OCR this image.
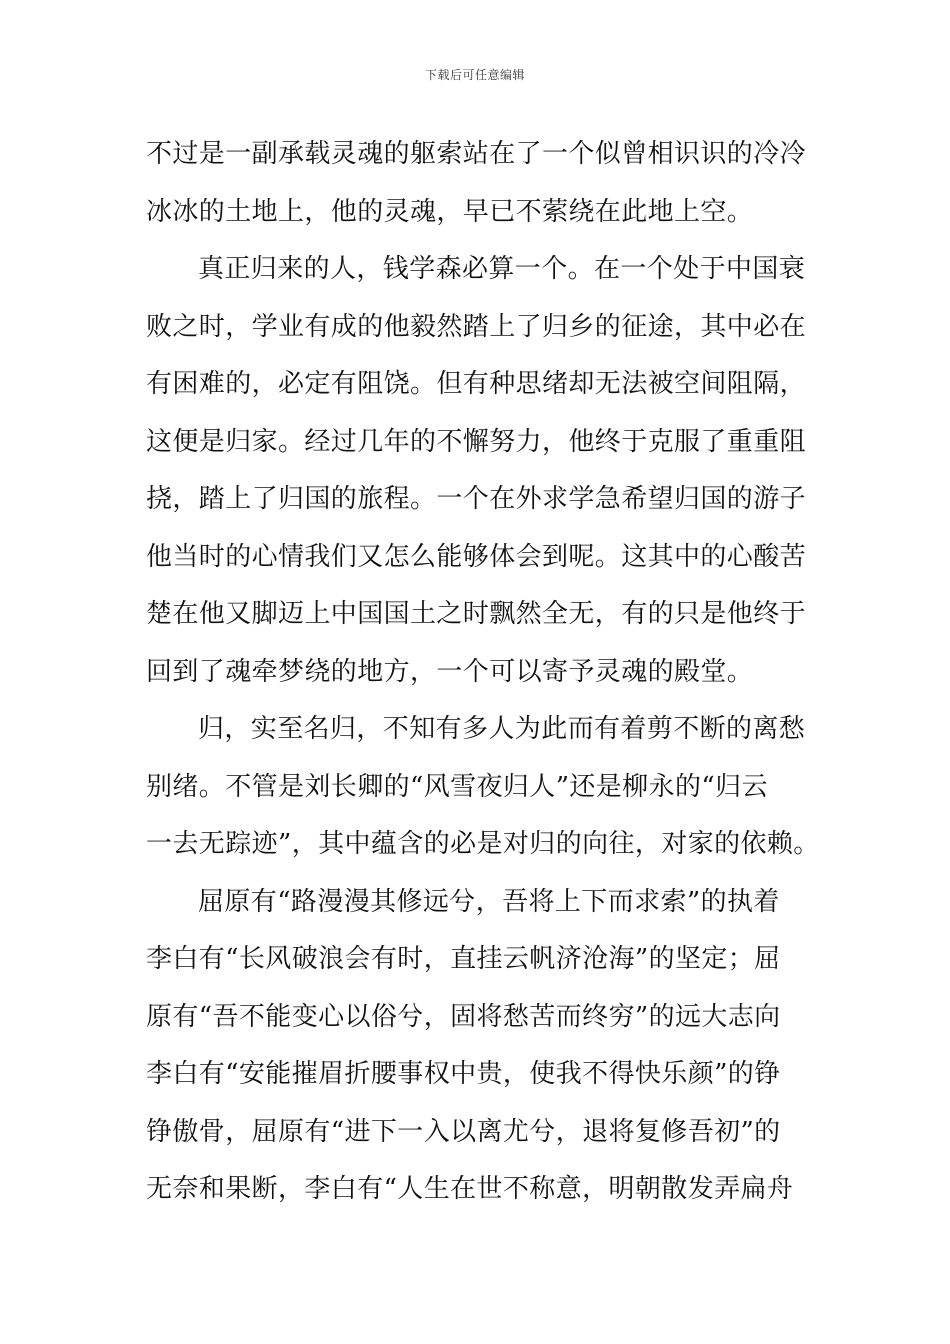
下载后可任意编辑
不过是一副承载灵魂的躯索站在了一个似曾相识识的冷冷
冰冰的土地上，他的灵魂，早已不萦绕在此地上空。
真正归来的人，钱学森必算一个。在一个处于中国衰
败之时，学业有成的他毅然踏上了归乡的征途，其中必在
有困难的，必定有阻饶。但有种思绪却无法被空间阻隔，
这便是归家。经过几年的不懈努力，他终于克服了重重阻
挠，踏上了归国的旅程。一个在外求学急希望归国的游子
他当时的心情我们又怎么能够体会到呢。这其中的心酸苦
楚在他又脚迈上中国国土之时飘然全无，有的只是他终于
回到了魂牵梦绕的地方，一个可以寄予灵魂的殿堂。
归，实至名归，不知有多人为此而有着剪不断的离愁
别绪。不管是刘长卿的“风雪夜归人”还是柳永的“归云
一去无踪迹”，其中蕴含的必是对归的向往，对家的依赖。
屈原有“路漫漫其修远兮，吾将上下而求索”的执着
李白有“长风破浪会有时，直挂云帆济沧海”的坚定；屈
原有“吾不能变心以俗兮，固将愁苦而终穷”的远大志向
李白有“安能摧眉折腰事权中贵，使我不得快乐颜”的铮
铮傲骨，屈原有“进下一入以离尤兮，退将复修吾初”的
无奈和果断，李白有“人生在世不称意，明朝散发弄扁舟
